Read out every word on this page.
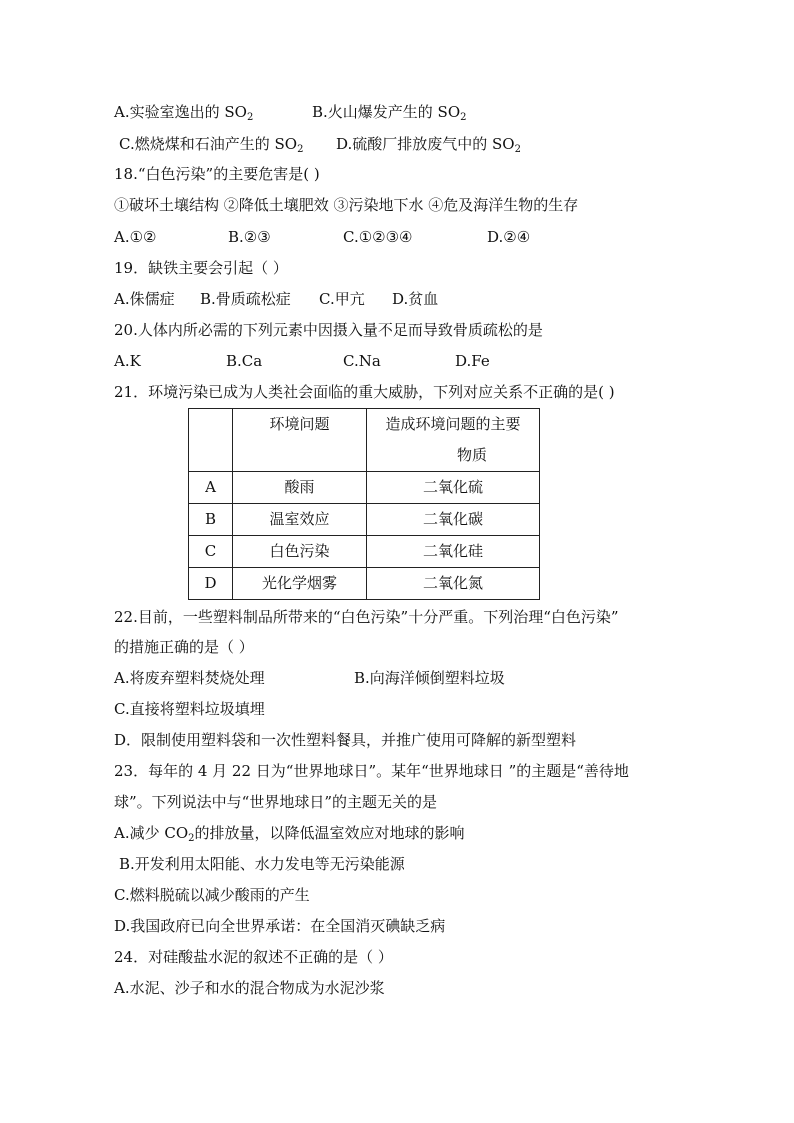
A.实验室逸出的 $SO_2$	B.火山爆发产生的 $SO_2$
C.燃烧煤和石油产生的 $SO_2$ D.硫酸厂排放废气中的 $SO_2$
18.“白色污染”的主要危害是( )
①破坏土壤结构 ②降低土壤肥效 ③污染地下水 ④危及海洋生物的生存
A.①②	B.②③	C.①②③④	D.②④
19．缺铁主要会引起（ ）
A.侏儒症 B.骨质疏松症 C.甲亢 D.贫血
20.人体内所必需的下列元素中因摄入量不足而导致骨质疏松的是
A.K	B.Ca	C.Na	D.Fe
21．环境污染已成为人类社会面临的重大威胁，下列对应关系不正确的是( )
	环境问题	造成环境问题的主要
物质
A	酸雨	二氧化硫
B	温室效应	二氧化碳
C	白色污染	二氧化硅
D	光化学烟雾	二氧化氮
22.目前，一些塑料制品所带来的“白色污染”十分严重。下列治理“白色污染”
的措施正确的是（ ）
A.将废弃塑料焚烧处理	B.向海洋倾倒塑料垃圾
C.直接将塑料垃圾填埋
D．限制使用塑料袋和一次性塑料餐具，并推广使用可降解的新型塑料
23．每年的 4 月 22 日为“世界地球日”。某年“世界地球日 ”的主题是“善待地
球”。下列说法中与“世界地球日”的主题无关的是
A.减少 $CO_2$的排放量，以降低温室效应对地球的影响
B.开发利用太阳能、水力发电等无污染能源
C.燃料脱硫以减少酸雨的产生
D.我国政府已向全世界承诺：在全国消灭碘缺乏病
24．对硅酸盐水泥的叙述不正确的是（ ）
A.水泥、沙子和水的混合物成为水泥沙浆
